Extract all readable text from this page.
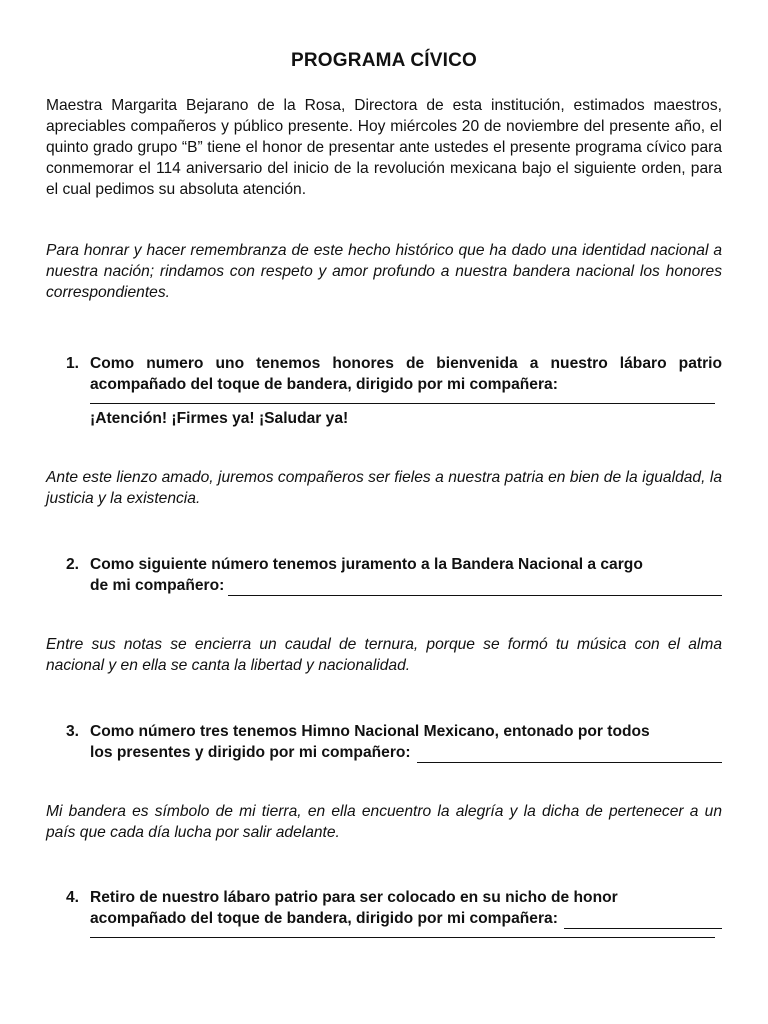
PROGRAMA CÍVICO

Maestra Margarita Bejarano de la Rosa, Directora de esta institución, estimados maestros, apreciables compañeros y público presente. Hoy miércoles 20 de noviembre del presente año, el quinto grado grupo “B” tiene el honor de presentar ante ustedes el presente programa cívico para conmemorar el 114 aniversario del inicio de la revolución mexicana bajo el siguiente orden, para el cual pedimos su absoluta atención.

Para honrar y hacer remembranza de este hecho histórico que ha dado una identidad nacional a nuestra nación; rindamos con respeto y amor profundo a nuestra bandera nacional los honores correspondientes.

1. Como numero uno tenemos honores de bienvenida a nuestro lábaro patrio acompañado del toque de bandera, dirigido por mi compañera:
¡Atención! ¡Firmes ya! ¡Saludar ya!

Ante este lienzo amado, juremos compañeros ser fieles a nuestra patria en bien de la igualdad, la justicia y la existencia.

2. Como siguiente número tenemos juramento a la Bandera Nacional a cargo
de mi compañero:

Entre sus notas se encierra un caudal de ternura, porque se formó tu música con el alma nacional y en ella se canta la libertad y nacionalidad.

3. Como número tres tenemos Himno Nacional Mexicano, entonado por todos
los presentes y dirigido por mi compañero:

Mi bandera es símbolo de mi tierra, en ella encuentro la alegría y la dicha de pertenecer a un país que cada día lucha por salir adelante.

4. Retiro de nuestro lábaro patrio para ser colocado en su nicho de honor
acompañado del toque de bandera, dirigido por mi compañera:
